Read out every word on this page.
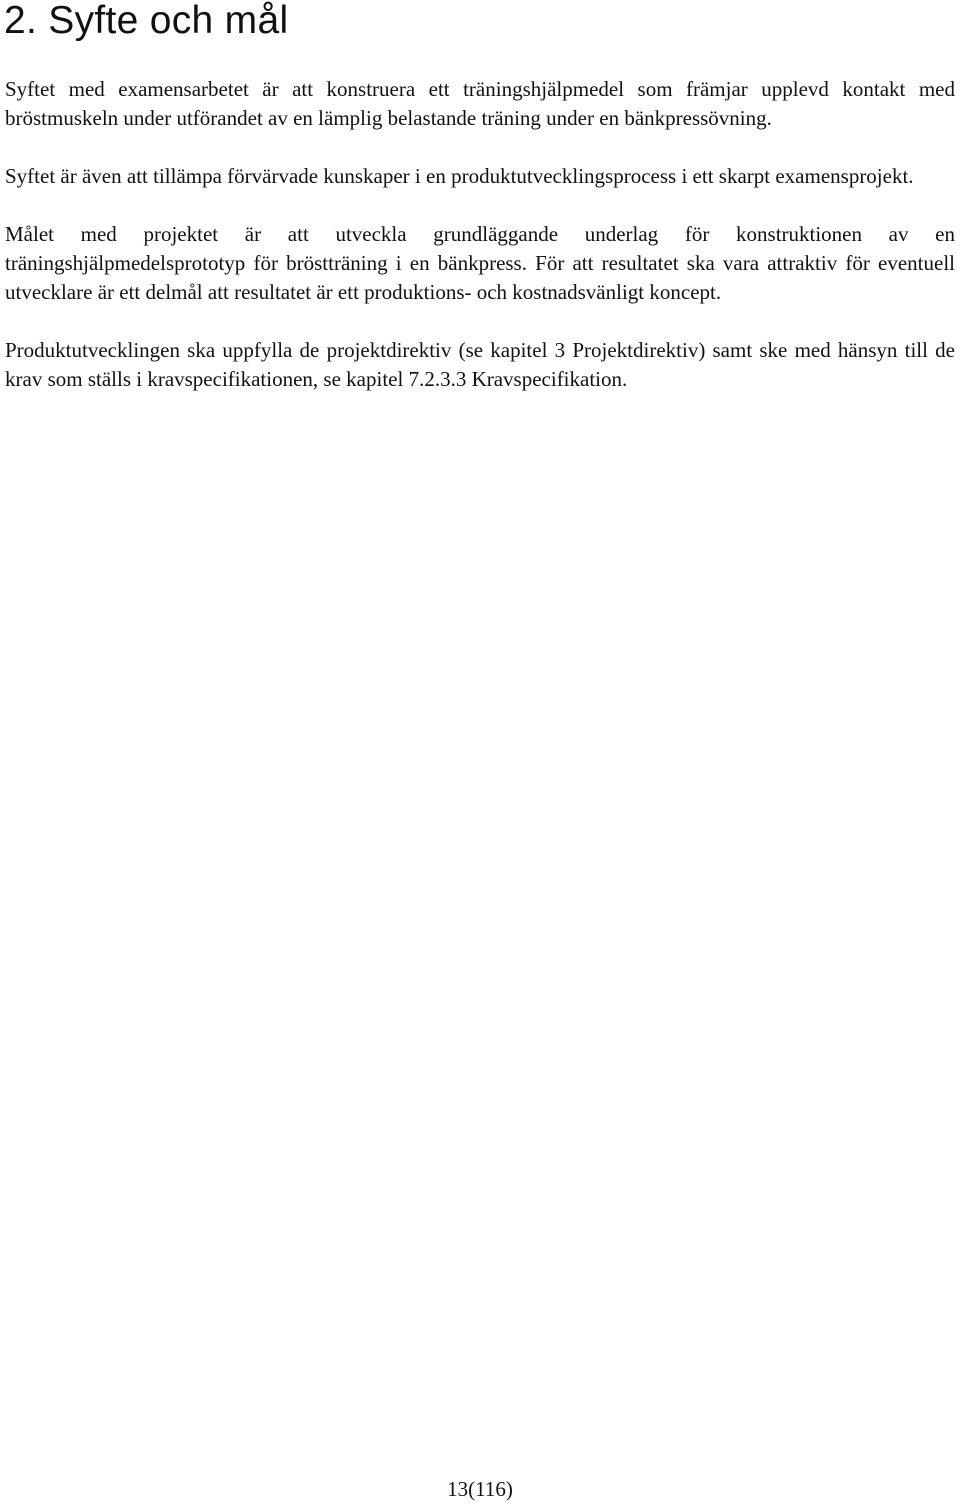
2. Syfte och mål

Syftet med examensarbetet är att konstruera ett träningshjälpmedel som främjar upplevd kontakt med bröstmuskeln under utförandet av en lämplig belastande träning under en bänkpressövning.

Syftet är även att tillämpa förvärvade kunskaper i en produktutvecklingsprocess i ett skarpt examensprojekt.

Målet med projektet är att utveckla grundläggande underlag för konstruktionen av en träningshjälpmedelsprototyp för bröstträning i en bänkpress. För att resultatet ska vara attraktiv för eventuell utvecklare är ett delmål att resultatet är ett produktions- och kostnadsvänligt koncept.

Produktutvecklingen ska uppfylla de projektdirektiv (se kapitel 3 Projektdirektiv) samt ske med hänsyn till de krav som ställs i kravspecifikationen, se kapitel 7.2.3.3 Kravspecifikation.

13(116)
